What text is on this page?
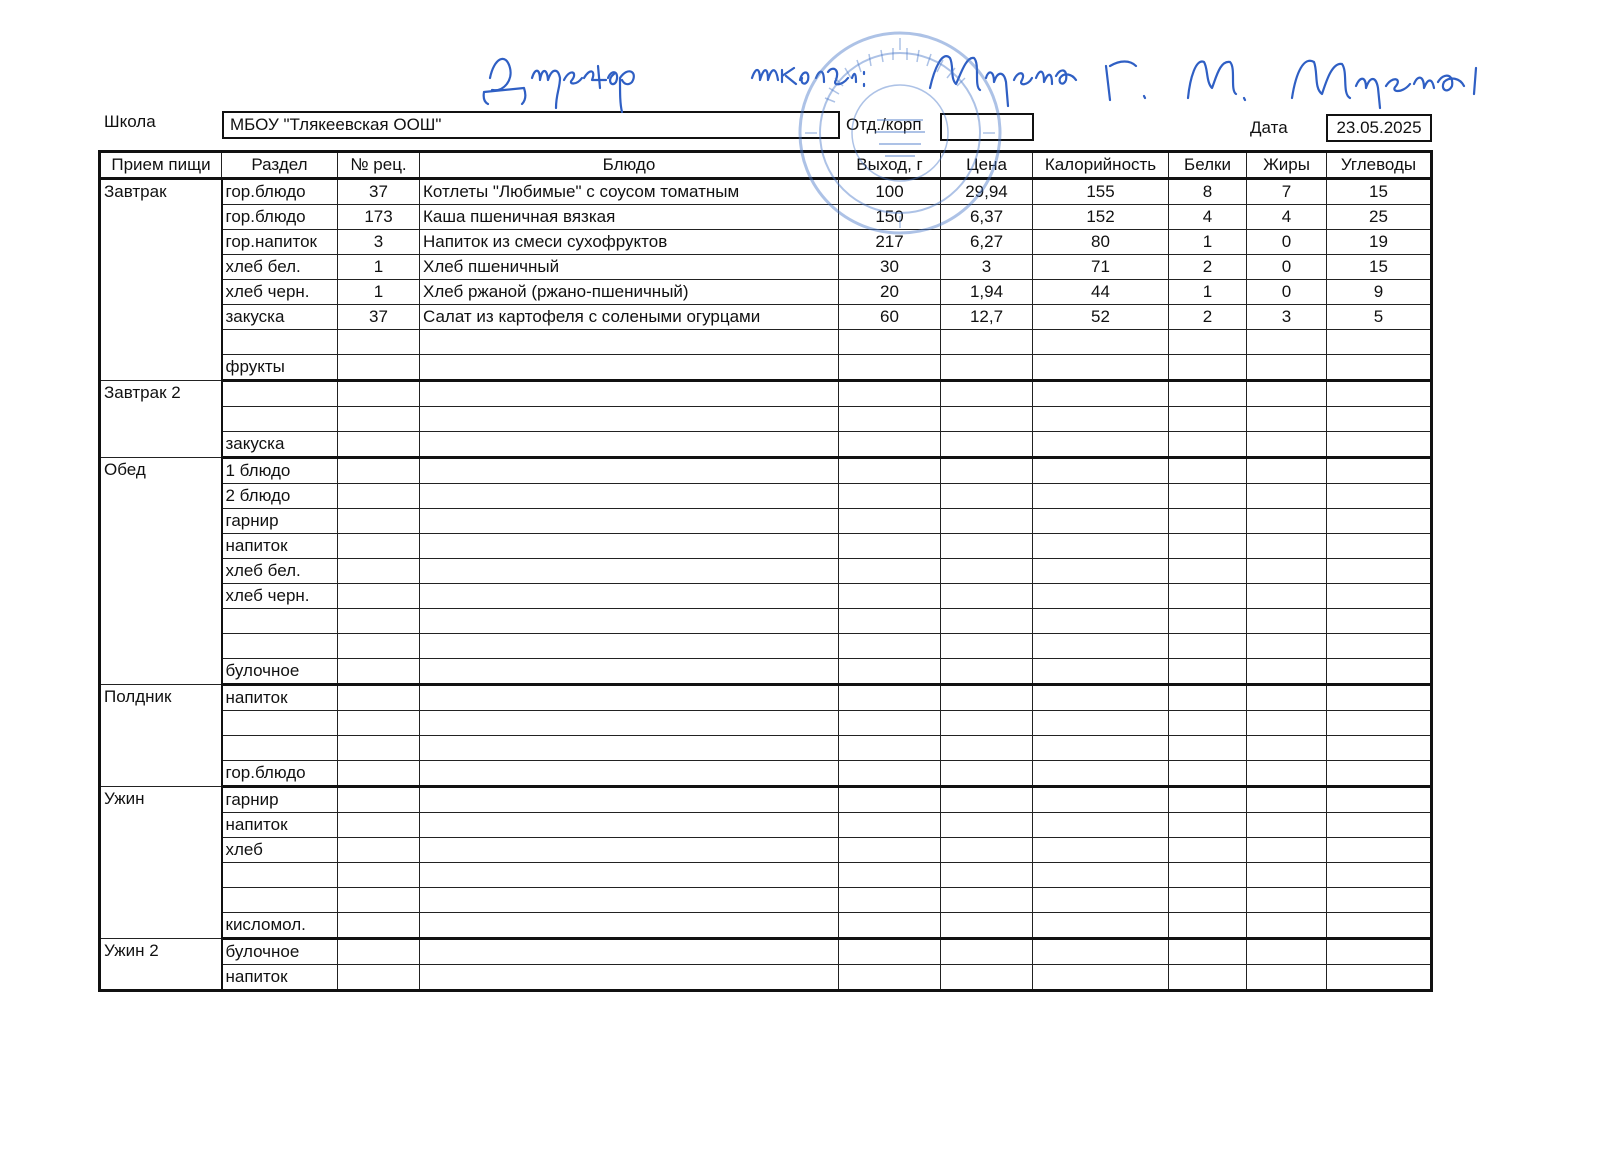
Школа	МБОУ "Тлякеевская ООШ"	Отд./корп	Дата	23.05.2025
Прием пищи	Раздел	№ рец.	Блюдо	Выход, г	Цена	Калорийность	Белки	Жиры	Углеводы
Завтрак	гор.блюдо	37	Котлеты "Любимые" с соусом томатным	100	29,94	155	8	7	15
	гор.блюдо	173	Каша пшеничная вязкая	150	6,37	152	4	4	25
	гор.напиток	3	Напиток из смеси сухофруктов	217	6,27	80	1	0	19
	хлеб бел.	1	Хлеб пшеничный	30	3	71	2	0	15
	хлеб черн.	1	Хлеб ржаной (ржано-пшеничный)	20	1,94	44	1	0	9
	закуска	37	Салат из картофеля с солеными огурцами	60	12,7	52	2	3	5

	фрукты								
Завтрак 2									

	закуска								
Обед	1 блюдо								
	2 блюдо								
	гарнир								
	напиток								
	хлеб бел.								
	хлеб черн.								

	булочное								
Полдник	напиток								

	гор.блюдо								
Ужин	гарнир								
	напиток								
	хлеб								

	кисломол.								
Ужин 2	булочное								
	напиток								
